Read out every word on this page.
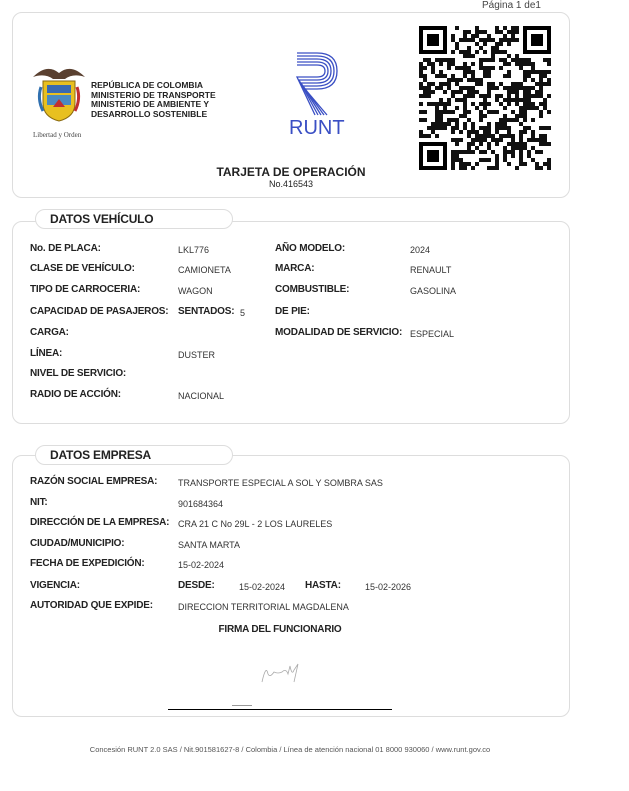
Página 1 de1
Libertad y Orden
REPÚBLICA DE COLOMBIA
MINISTERIO DE TRANSPORTE
MINISTERIO DE AMBIENTE Y
DESARROLLO SOSTENIBLE
RUNT
TARJETA DE OPERACIÓN
No.416543
DATOS VEHÍCULO
No. DE PLACA:	LKL776	AÑO MODELO:	2024
CLASE DE VEHÍCULO:	CAMIONETA	MARCA:	RENAULT
TIPO DE CARROCERIA:	WAGON	COMBUSTIBLE:	GASOLINA
CAPACIDAD DE PASAJEROS: SENTADOS: 5	DE PIE:
CARGA:	MODALIDAD DE SERVICIO: ESPECIAL
LÍNEA:	DUSTER
NIVEL DE SERVICIO:
RADIO DE ACCIÓN:	NACIONAL
DATOS EMPRESA
RAZÓN SOCIAL EMPRESA: TRANSPORTE ESPECIAL A SOL Y SOMBRA SAS
NIT:	901684364
DIRECCIÓN DE LA EMPRESA: CRA 21 C No 29L - 2 LOS LAURELES
CIUDAD/MUNICIPIO:	SANTA MARTA
FECHA DE EXPEDICIÓN:	15-02-2024
VIGENCIA:	DESDE:	15-02-2024 HASTA:	15-02-2026
AUTORIDAD QUE EXPIDE:	DIRECCION TERRITORIAL MAGDALENA
FIRMA DEL FUNCIONARIO
Concesión RUNT 2.0 SAS / Nit.901581627-8 / Colombia / Línea de atención nacional 01 8000 930060 / www.runt.gov.co
